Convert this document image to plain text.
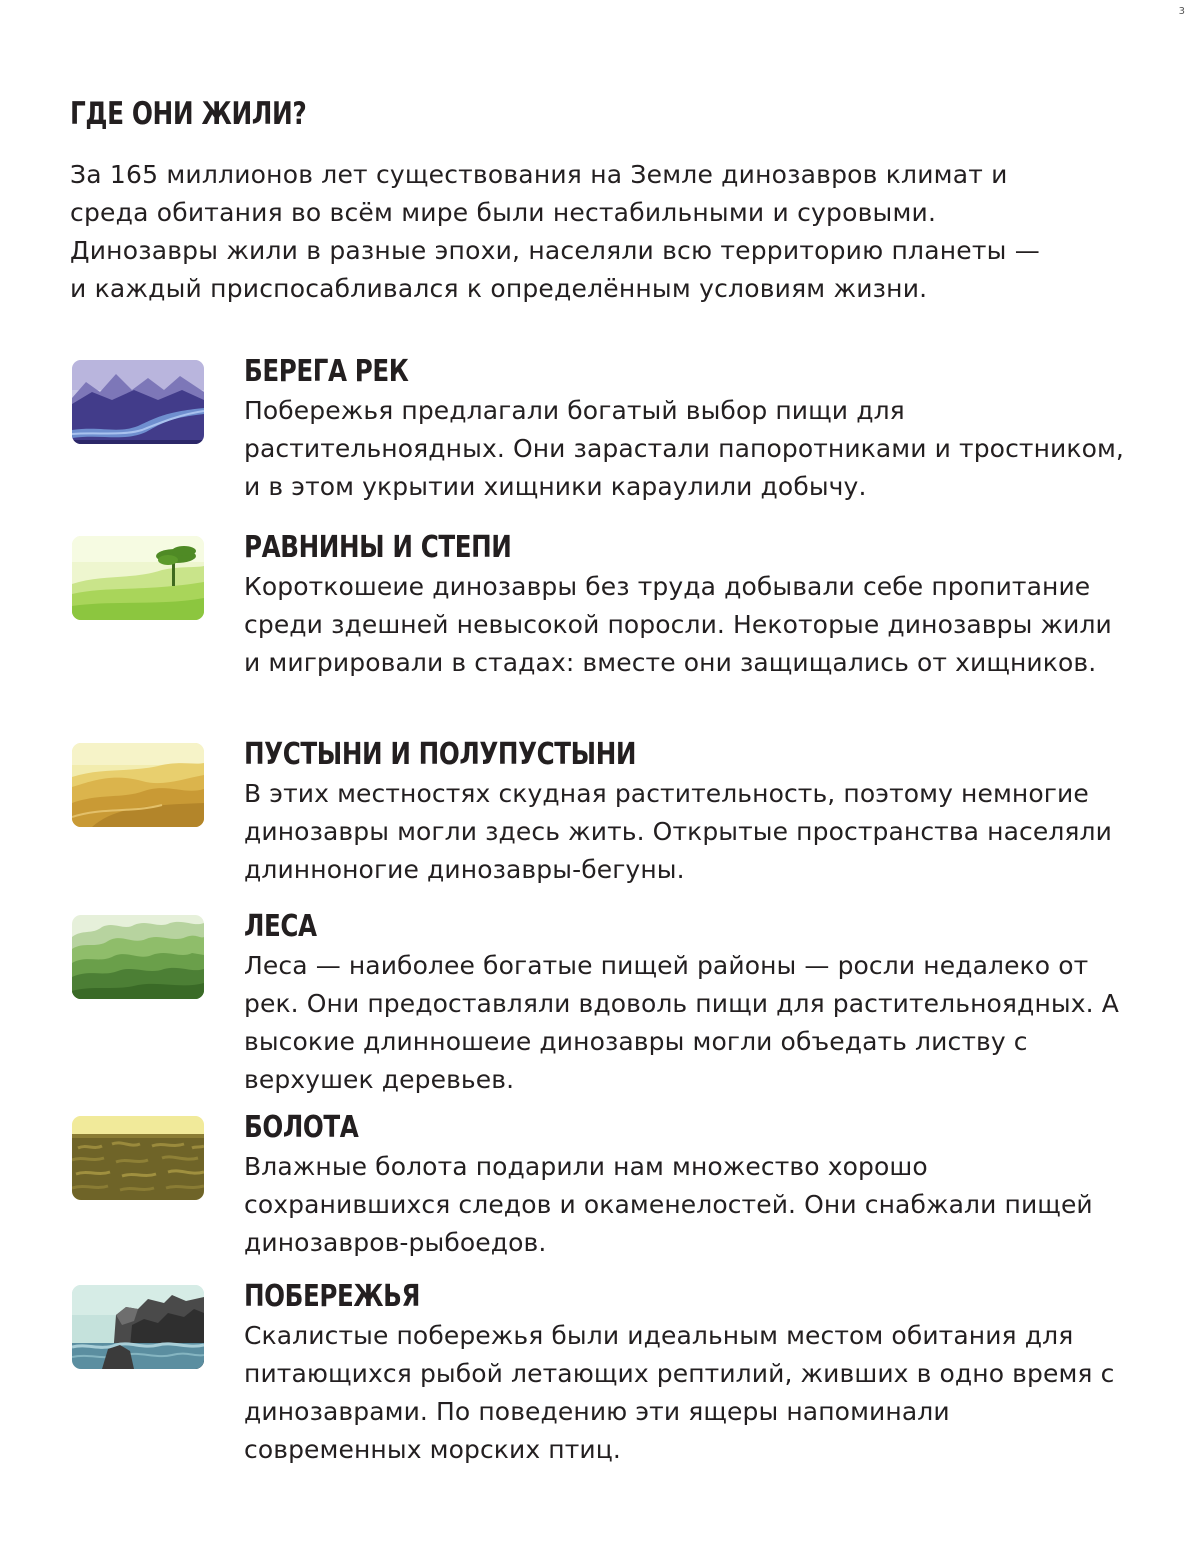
3
ГДЕ ОНИ ЖИЛИ?

За 165 миллионов лет существования на Земле динозавров климат и среда обитания во всём мире были нестабильными и суровыми. Динозавры жили в разные эпохи, населяли всю территорию планеты — и каждый приспосабливался к определённым условиям жизни.

БЕРЕГА РЕК

Побережья предлагали богатый выбор пищи для растительноядных. Они зарастали папоротниками и тростником, и в этом укрытии хищники караулили добычу.

РАВНИНЫ И СТЕПИ

Короткошеие динозавры без труда добывали себе пропитание среди здешней невысокой поросли. Некоторые динозавры жили и мигрировали в стадах: вместе они защищались от хищников.

ПУСТЫНИ И ПОЛУПУСТЫНИ

В этих местностях скудная растительность, поэтому немногие динозавры могли здесь жить. Открытые пространства населяли длинноногие динозавры-бегуны.

ЛЕСА

Леса — наиболее богатые пищей районы — росли недалеко от рек. Они предоставляли вдоволь пищи для растительноядных. А высокие длинношеие динозавры могли объедать листву с верхушек деревьев.

БОЛОТА

Влажные болота подарили нам множество хорошо сохранившихся следов и окаменелостей. Они снабжали пищей динозавров-рыбоедов.

ПОБЕРЕЖЬЯ

Скалистые побережья были идеальным местом обитания для питающихся рыбой летающих рептилий, живших в одно время с динозаврами. По поведению эти ящеры напоминали современных морских птиц.
